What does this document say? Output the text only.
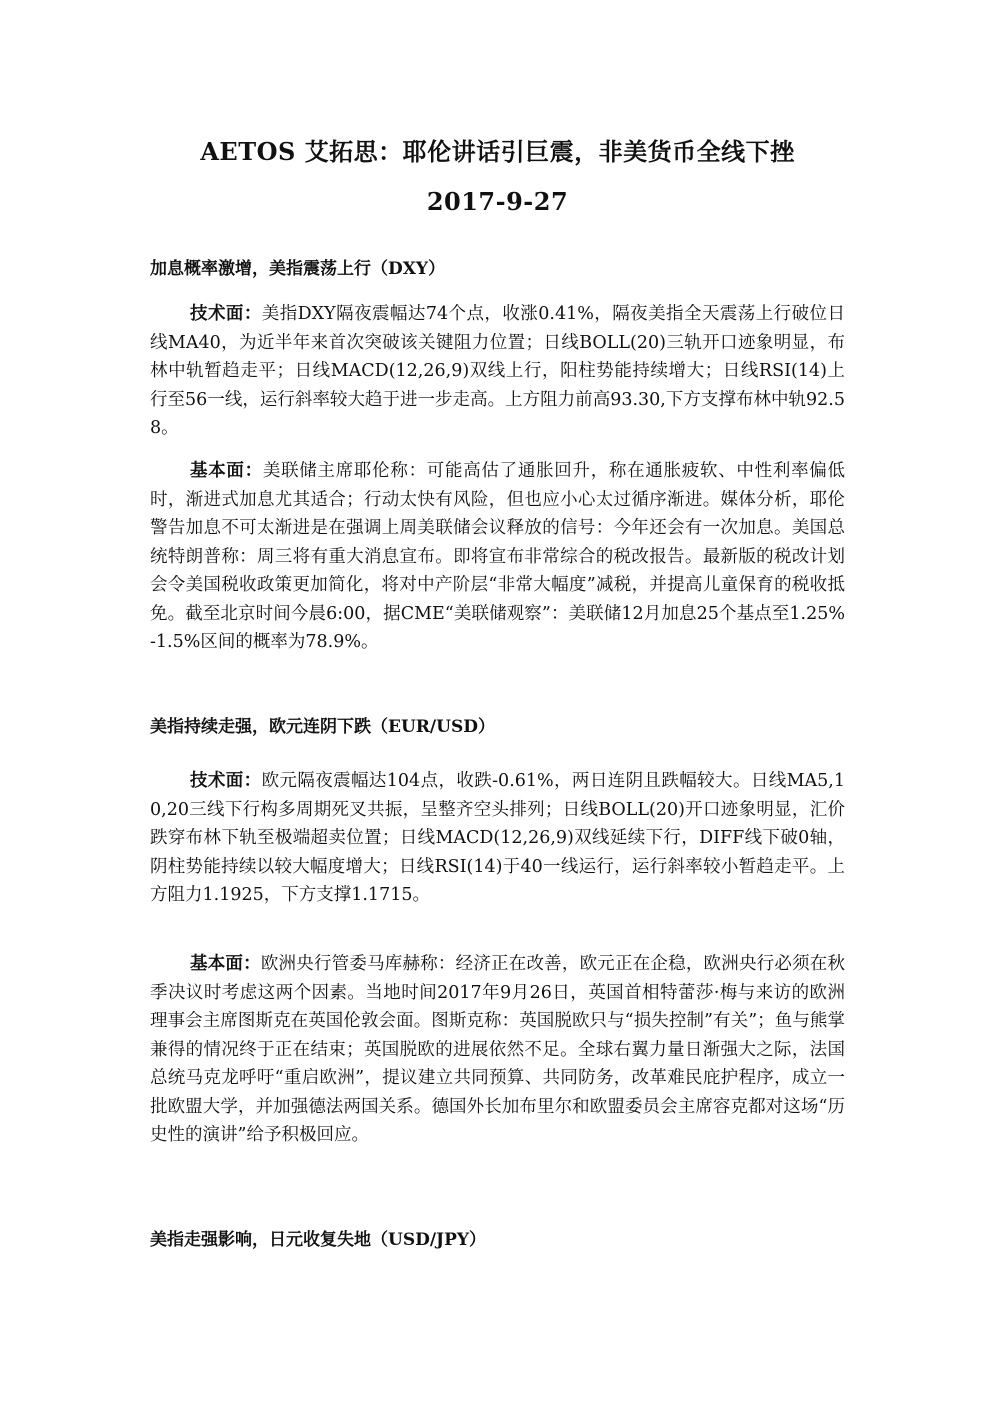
AETOS 艾拓思：耶伦讲话引巨震，非美货币全线下挫
2017-9-27
加息概率激增，美指震荡上行（DXY）
技术面：美指DXY隔夜震幅达74个点，收涨0.41%，隔夜美指全天震荡上行破位日线MA40，为近半年来首次突破该关键阻力位置；日线BOLL(20)三轨开口迹象明显，布林中轨暂趋走平；日线MACD(12,26,9)双线上行，阳柱势能持续增大；日线RSI(14)上行至56一线，运行斜率较大趋于进一步走高。上方阻力前高93.30,下方支撑布林中轨92.58。
基本面：美联储主席耶伦称：可能高估了通胀回升，称在通胀疲软、中性利率偏低时，渐进式加息尤其适合；行动太快有风险，但也应小心太过循序渐进。媒体分析，耶伦警告加息不可太渐进是在强调上周美联储会议释放的信号：今年还会有一次加息。美国总统特朗普称：周三将有重大消息宣布。即将宣布非常综合的税改报告。最新版的税改计划会令美国税收政策更加简化，将对中产阶层“非常大幅度”减税，并提高儿童保育的税收抵免。截至北京时间今晨6:00，据CME“美联储观察”：美联储12月加息25个基点至1.25%-1.5%区间的概率为78.9%。
美指持续走强，欧元连阴下跌（EUR/USD）
技术面：欧元隔夜震幅达104点，收跌-0.61%，两日连阴且跌幅较大。日线MA5,10,20三线下行构多周期死叉共振，呈整齐空头排列；日线BOLL(20)开口迹象明显，汇价跌穿布林下轨至极端超卖位置；日线MACD(12,26,9)双线延续下行，DIFF线下破0轴，阴柱势能持续以较大幅度增大；日线RSI(14)于40一线运行，运行斜率较小暂趋走平。上方阻力1.1925，下方支撑1.1715。
基本面：欧洲央行管委马库赫称：经济正在改善，欧元正在企稳，欧洲央行必须在秋季决议时考虑这两个因素。当地时间2017年9月26日，英国首相特蕾莎·梅与来访的欧洲理事会主席图斯克在英国伦敦会面。图斯克称：英国脱欧只与“损失控制”有关”；鱼与熊掌兼得的情况终于正在结束；英国脱欧的进展依然不足。全球右翼力量日渐强大之际，法国总统马克龙呼吁“重启欧洲”，提议建立共同预算、共同防务，改革难民庇护程序，成立一批欧盟大学，并加强德法两国关系。德国外长加布里尔和欧盟委员会主席容克都对这场“历史性的演讲”给予积极回应。
美指走强影响，日元收复失地（USD/JPY）
